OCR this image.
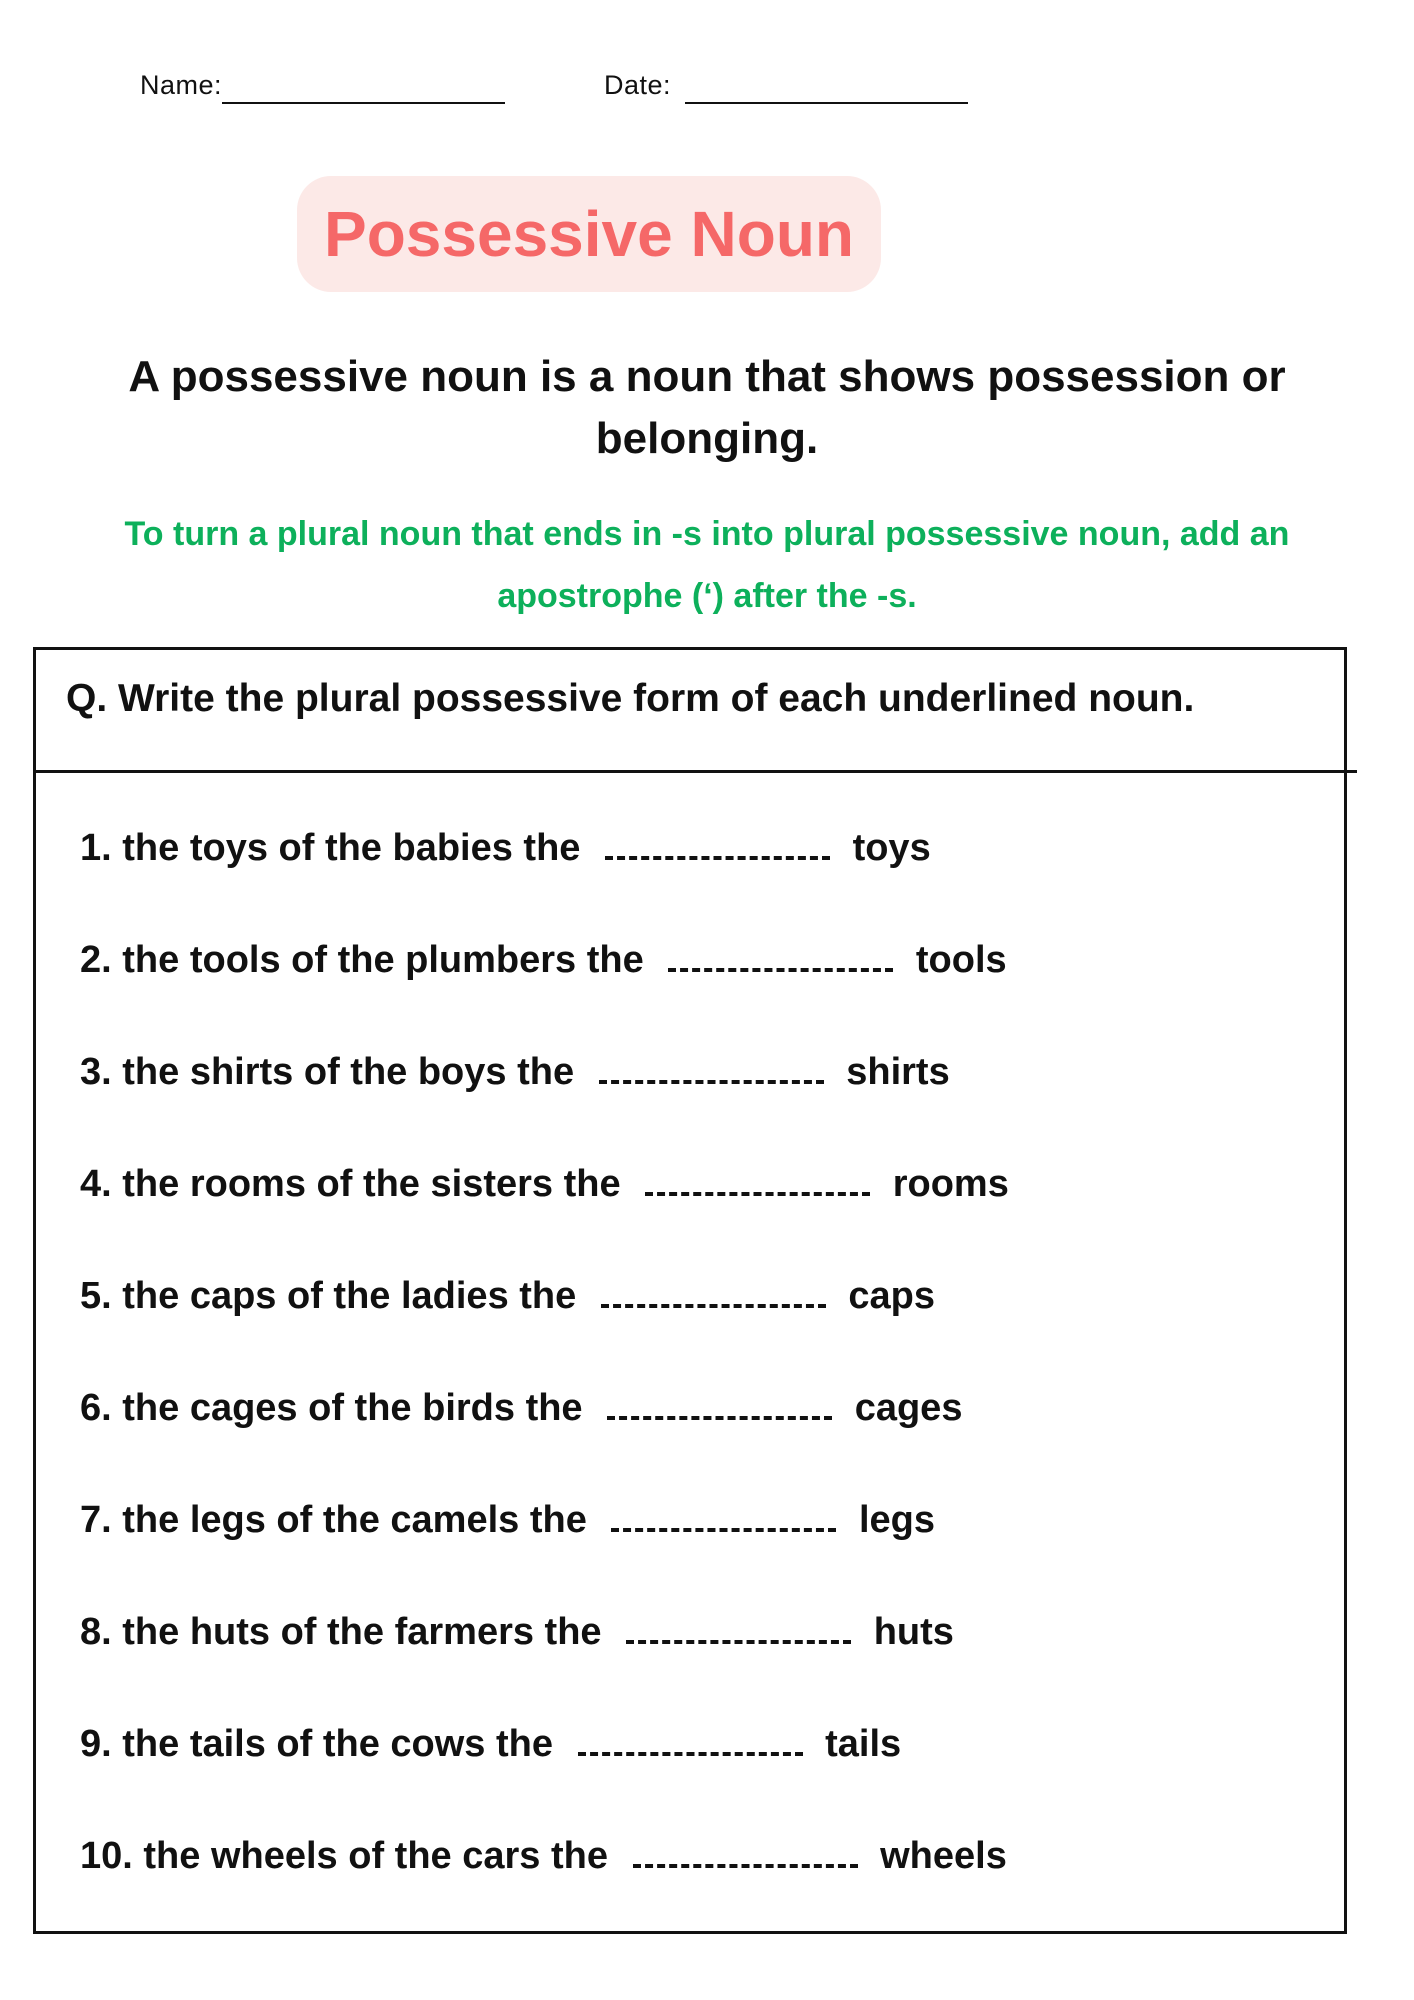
Name:	Date:
Possessive Noun
A possessive noun is a noun that shows possession or belonging.
To turn a plural noun that ends in -s into plural possessive noun, add an apostrophe (‘) after the -s.
Q. Write the plural possessive form of each underlined noun.
1. the toys of the babies the	toys
2. the tools of the plumbers the	tools
3. the shirts of the boys the	shirts
4. the rooms of the sisters the	rooms
5. the caps of the ladies the	caps
6. the cages of the birds the	cages
7. the legs of the camels the	legs
8. the huts of the farmers the	huts
9. the tails of the cows the	tails
10. the wheels of the cars the	wheels
